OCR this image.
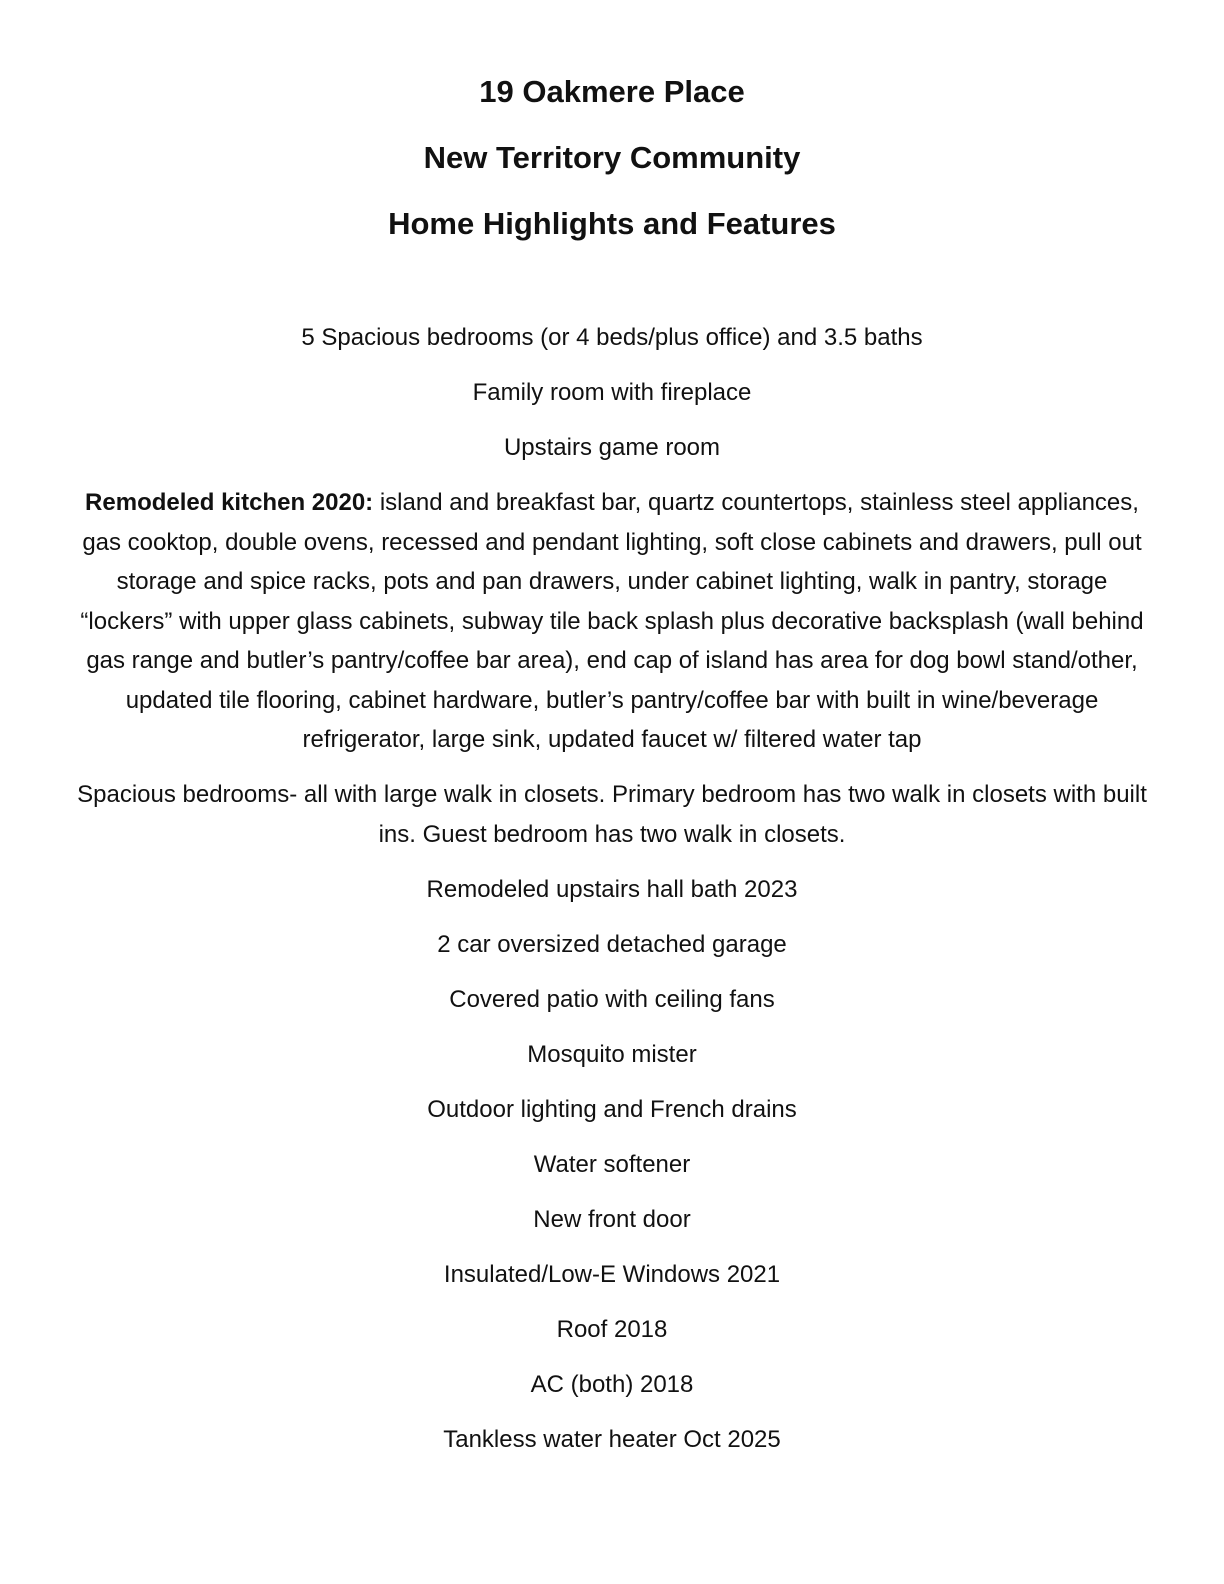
19 Oakmere Place
New Territory Community
Home Highlights and Features
5 Spacious bedrooms (or 4 beds/plus office) and 3.5 baths
Family room with fireplace
Upstairs game room
Remodeled kitchen 2020: island and breakfast bar, quartz countertops, stainless steel appliances, gas cooktop, double ovens, recessed and pendant lighting, soft close cabinets and drawers, pull out storage and spice racks, pots and pan drawers, under cabinet lighting, walk in pantry, storage “lockers” with upper glass cabinets, subway tile back splash plus decorative backsplash (wall behind gas range and butler’s pantry/coffee bar area), end cap of island has area for dog bowl stand/other, updated tile flooring, cabinet hardware, butler’s pantry/coffee bar with built in wine/beverage refrigerator, large sink, updated faucet w/ filtered water tap
Spacious bedrooms- all with large walk in closets. Primary bedroom has two walk in closets with built ins. Guest bedroom has two walk in closets.
Remodeled upstairs hall bath 2023
2 car oversized detached garage
Covered patio with ceiling fans
Mosquito mister
Outdoor lighting and French drains
Water softener
New front door
Insulated/Low-E Windows 2021
Roof 2018
AC (both) 2018
Tankless water heater Oct 2025
